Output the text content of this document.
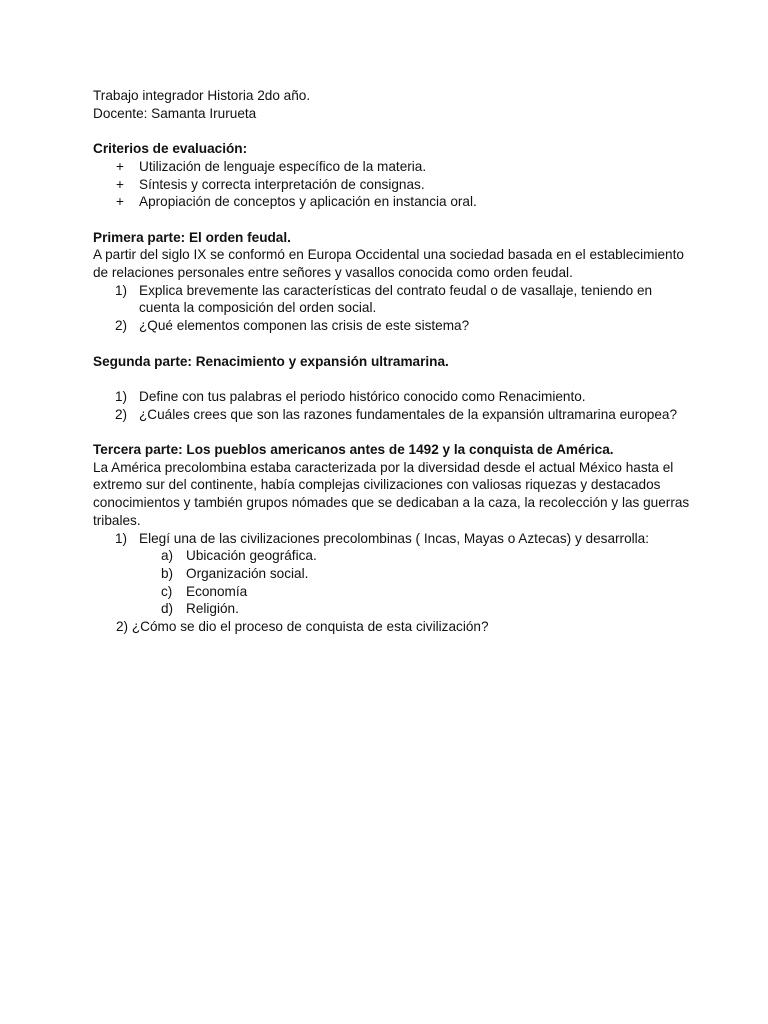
Trabajo integrador Historia 2do año.

Docente: Samanta Irurueta

Criterios de evaluación:

+ Utilización de lenguaje específico de la materia.
+ Síntesis y correcta interpretación de consignas.
+ Apropiación de conceptos y aplicación en instancia oral.

Primera parte: El orden feudal.

A partir del siglo IX se conformó en Europa Occidental una sociedad basada en el establecimiento de relaciones personales entre señores y vasallos conocida como orden feudal.

1) Explica brevemente las características del contrato feudal o de vasallaje, teniendo en cuenta la composición del orden social.
2) ¿Qué elementos componen las crisis de este sistema?

Segunda parte: Renacimiento y expansión ultramarina.

1) Define con tus palabras el periodo histórico conocido como Renacimiento.
2) ¿Cuáles crees que son las razones fundamentales de la expansión ultramarina europea?

Tercera parte: Los pueblos americanos antes de 1492 y la conquista de América.

La América precolombina estaba caracterizada por la diversidad desde el actual México hasta el extremo sur del continente, había complejas civilizaciones con valiosas riquezas y destacados conocimientos y también grupos nómades que se dedicaban a la caza, la recolección y las guerras tribales.

1) Elegí una de las civilizaciones precolombinas ( Incas, Mayas o Aztecas) y desarrolla:
a) Ubicación geográfica.
b) Organización social.
c) Economía
d) Religión.

2) ¿Cómo se dio el proceso de conquista de esta civilización?
